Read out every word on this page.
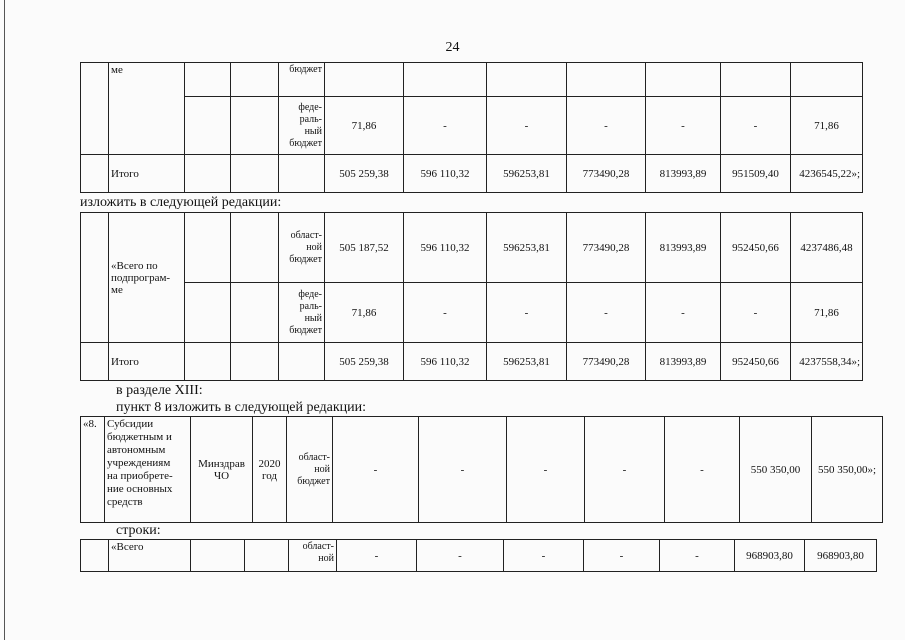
24
	ме			бюджет							
				феде-
раль-
ный
бюджет	71,86	-	-	-	-	-	71,86
	Итого				505 259,38	596 110,32	596253,81	773490,28	813993,89	951509,40	4236545,22»;
изложить в следующей редакции:
	«Всего по
подпрограм-
ме			област-
ной
бюджет	505 187,52	596 110,32	596253,81	773490,28	813993,89	952450,66	4237486,48
				феде-
раль-
ный
бюджет	71,86	-	-	-	-	-	71,86
	Итого				505 259,38	596 110,32	596253,81	773490,28	813993,89	952450,66	4237558,34»;
в разделе XIII:
пункт 8 изложить в следующей редакции:
«8.	Субсидии
бюджетным и
автономным
учреждениям
на приобрете-
ние основных
средств	Минздрав
ЧО	2020
год	област-
ной
бюджет	-	-	-	-	-	550 350,00	550 350,00»;
строки:
	«Всего			област-
ной	-	-	-	-	-	968903,80	968903,80
